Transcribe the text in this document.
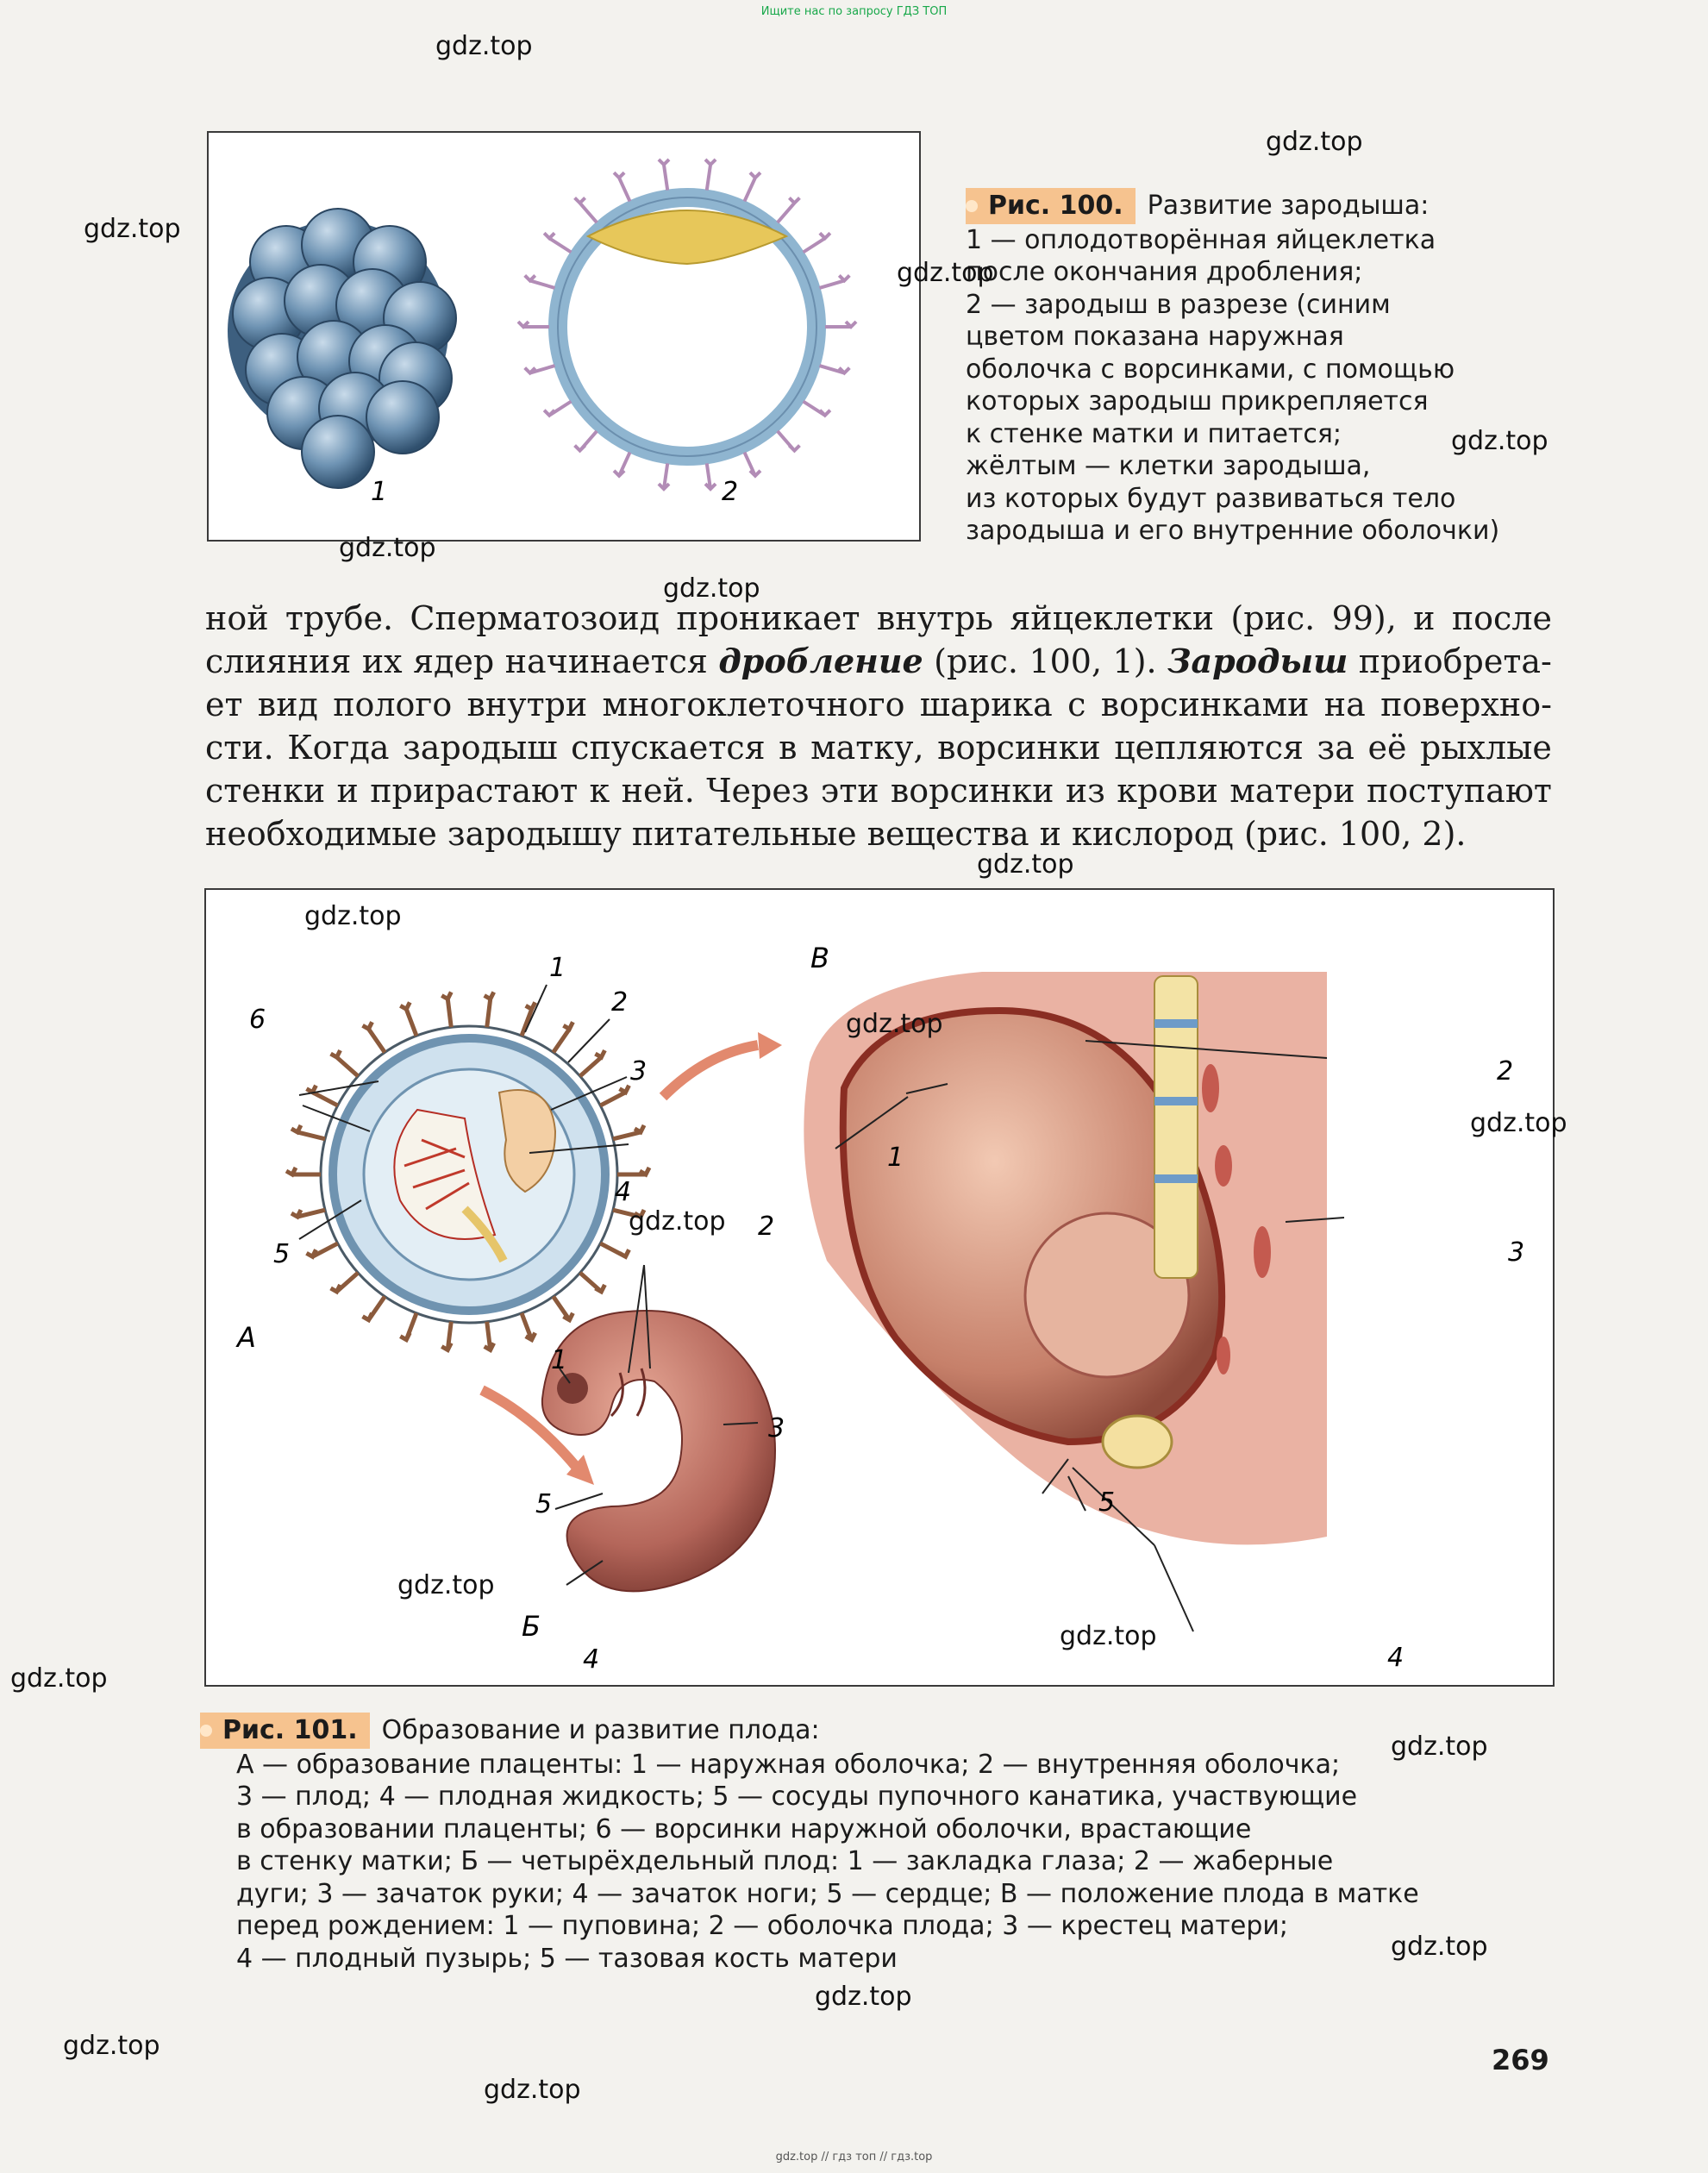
Ищите нас по запросу ГДЗ ТОП
1	2
Рис. 100. Развитие зародыша:
1 — оплодотворённая яйцеклетка
после окончания дробления;
2 — зародыш в разрезе (синим
цветом показана наружная
оболочка с ворсинками, с помощью
которых зародыш прикрепляется
к стенке матки и питается;
жёлтым — клетки зародыша,
из которых будут развиваться тело
зародыша и его внутренние оболочки)
ной трубе. Сперматозоид проникает внутрь яйцеклетки (рис. 99), и после
слияния их ядер начинается дробление (рис. 100, 1). Зародыш приобрета-
ет вид полого внутри многоклеточного шарика с ворсинками на поверхно-
сти. Когда зародыш спускается в матку, ворсинки цепляются за её рыхлые
стенки и прирастают к ней. Через эти ворсинки из крови матери поступают
необходимые зародышу питательные вещества и кислород (рис. 100, 2).
1
2
3
4
5
6
А
1
3
4
5
2
Б
В
1
2
3
4
5
Рис. 101. Образование и развитие плода:
А — образование плаценты: 1 — наружная оболочка; 2 — внутренняя оболочка;
3 — плод; 4 — плодная жидкость; 5 — сосуды пупочного канатика, участвующие
в образовании плаценты; 6 — ворсинки наружной оболочки, врастающие
в стенку матки; Б — четырёхдельный плод: 1 — закладка глаза; 2 — жаберные
дуги; 3 — зачаток руки; 4 — зачаток ноги; 5 — сердце; В — положение плода в матке
перед рождением: 1 — пуповина; 2 — оболочка плода; 3 — крестец матери;
4 — плодный пузырь; 5 — тазовая кость матери
269
gdz.top
gdz.top
gdz.top
gdz.top
gdz.top
gdz.top
gdz.top
gdz.top
gdz.top
gdz.top
gdz.top
gdz.top
gdz.top
gdz.top
gdz.top
gdz.top
gdz.top
gdz.top
gdz.top
gdz.top
gdz.top // гдз топ // гдз.top
